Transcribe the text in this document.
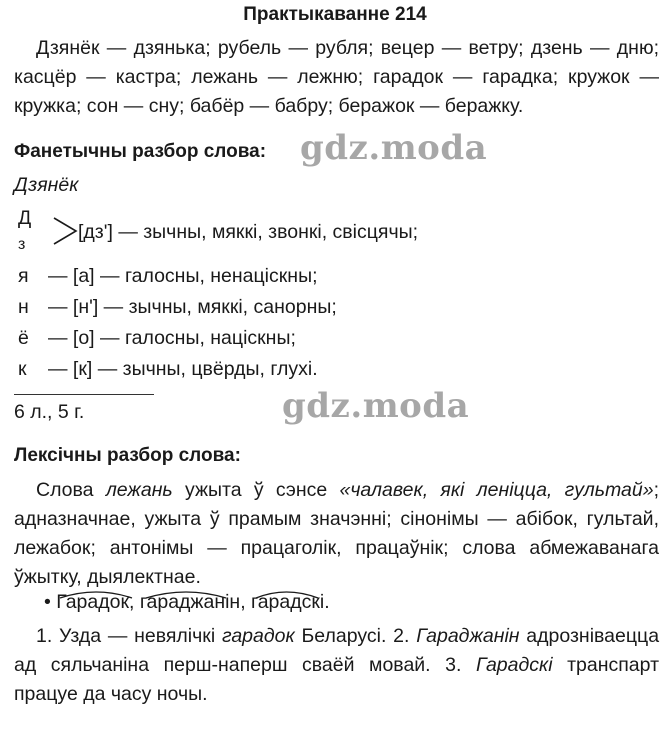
Практыкаванне 214

Дзянёк — дзянька; рубель — рубля; вецер — ветру; дзень — дню; касцёр — кастра; лежань — лежню; гарадок — гарадка; кружок — кружка; сон — сну; бабёр — бабру; беражок — беражку.

Фанетычны разбор слова: gdz.moda
Дзянёк
Д
з
[дз'] — зычны, мяккі, звонкі, свісцячы;
я — [а] — галосны, ненаціскны;
н — [н'] — зычны, мяккі, санорны;
ё — [о] — галосны, націскны;
к — [к] — зычны, цвёрды, глухі.
6 л., 5 г.	gdz.moda
Лексічны разбор слова:

Слова лежань ужыта ў сэнсе «чалавек, які леніцца, гультай»; адназначнае, ужыта ў прамым значэнні; сінонімы — абібок, гультай, лежабок; антонімы — працаголік, працаўнік; слова абмежаванага ўжытку, дыялектнае.

• Гарадок, гараджанін, гарадскі.

1. Узда — невялічкі гарадок Беларусі. 2. Гараджанін адрозніваецца ад сяльчаніна перш-наперш сваёй мовай. 3. Гарадскі транспарт працуе да часу ночы.
